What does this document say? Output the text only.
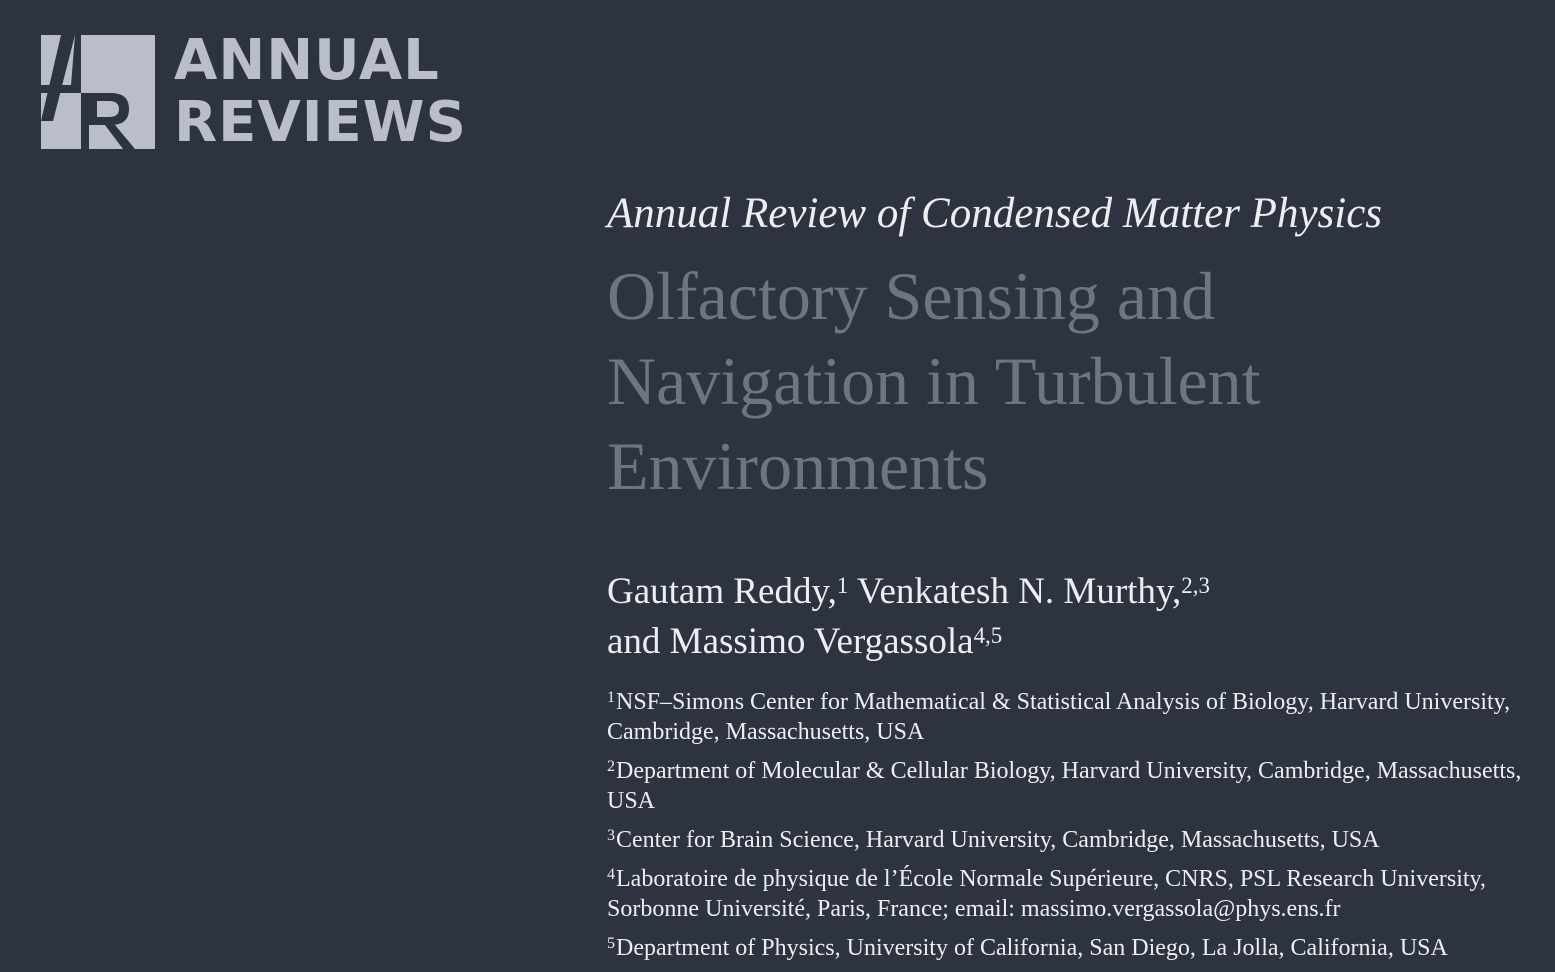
ANNUAL
REVIEWS

Annual Review of Condensed Matter Physics

Olfactory Sensing and
Navigation in Turbulent
Environments
Gautam Reddy,$^1$ Venkatesh N. Murthy,$^{2,3}$
and Massimo Vergassola$^{4,5}$
$^1$NSF–Simons Center for Mathematical & Statistical Analysis of Biology, Harvard University, Cambridge, Massachusetts, USA
$^2$Department of Molecular & Cellular Biology, Harvard University, Cambridge, Massachusetts, USA
$^3$Center for Brain Science, Harvard University, Cambridge, Massachusetts, USA
$^4$Laboratoire de physique de l’École Normale Supérieure, CNRS, PSL Research University, Sorbonne Université, Paris, France; email: massimo.vergassola@phys.ens.fr
$^5$Department of Physics, University of California, San Diego, La Jolla, California, USA
